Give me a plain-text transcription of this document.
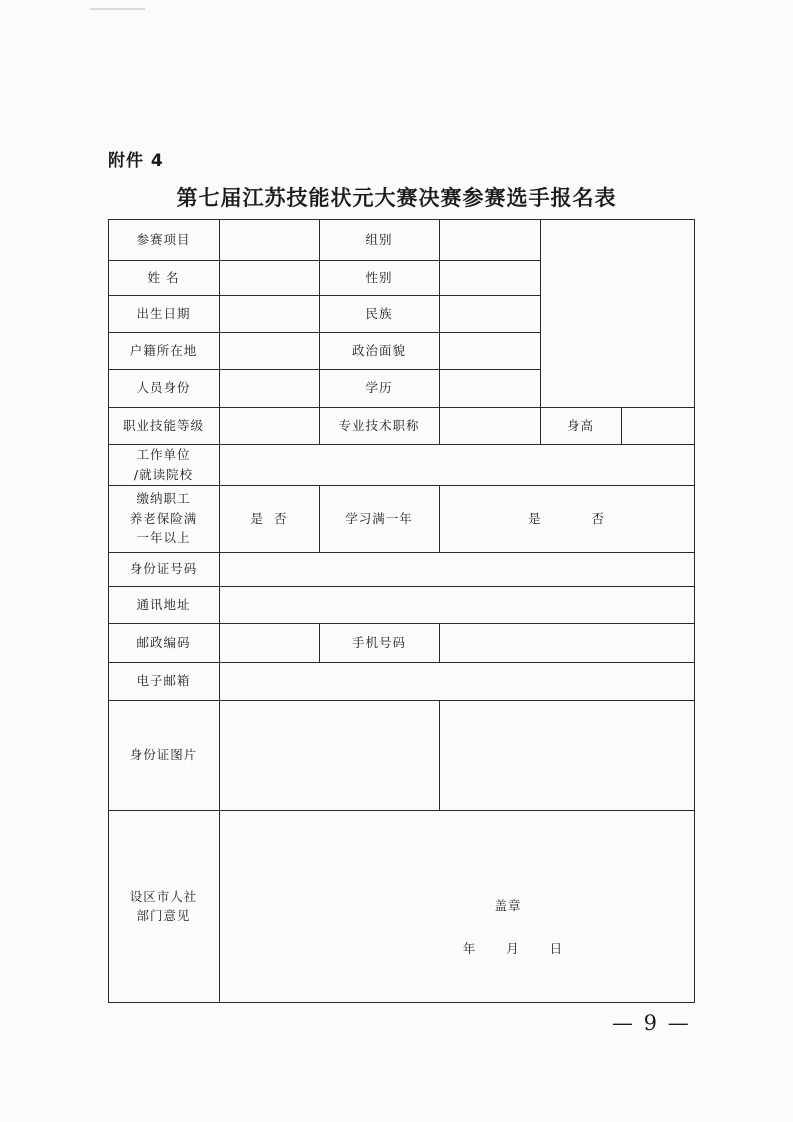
附件 4
第七届江苏技能状元大赛决赛参赛选手报名表
参赛项目	组别
姓 名	性别
出生日期	民族
户籍所在地	政治面貌
人员身份	学历
职业技能等级	专业技术职称	身高
工作单位
/就读院校
缴纳职工
养老保险满
一年以上
是  否	学习满一年	是          否
身份证号码
通讯地址
邮政编码	手机号码
电子邮箱
身份证图片
设区市人社
部门意见
盖章
年      月      日
— 9 —
